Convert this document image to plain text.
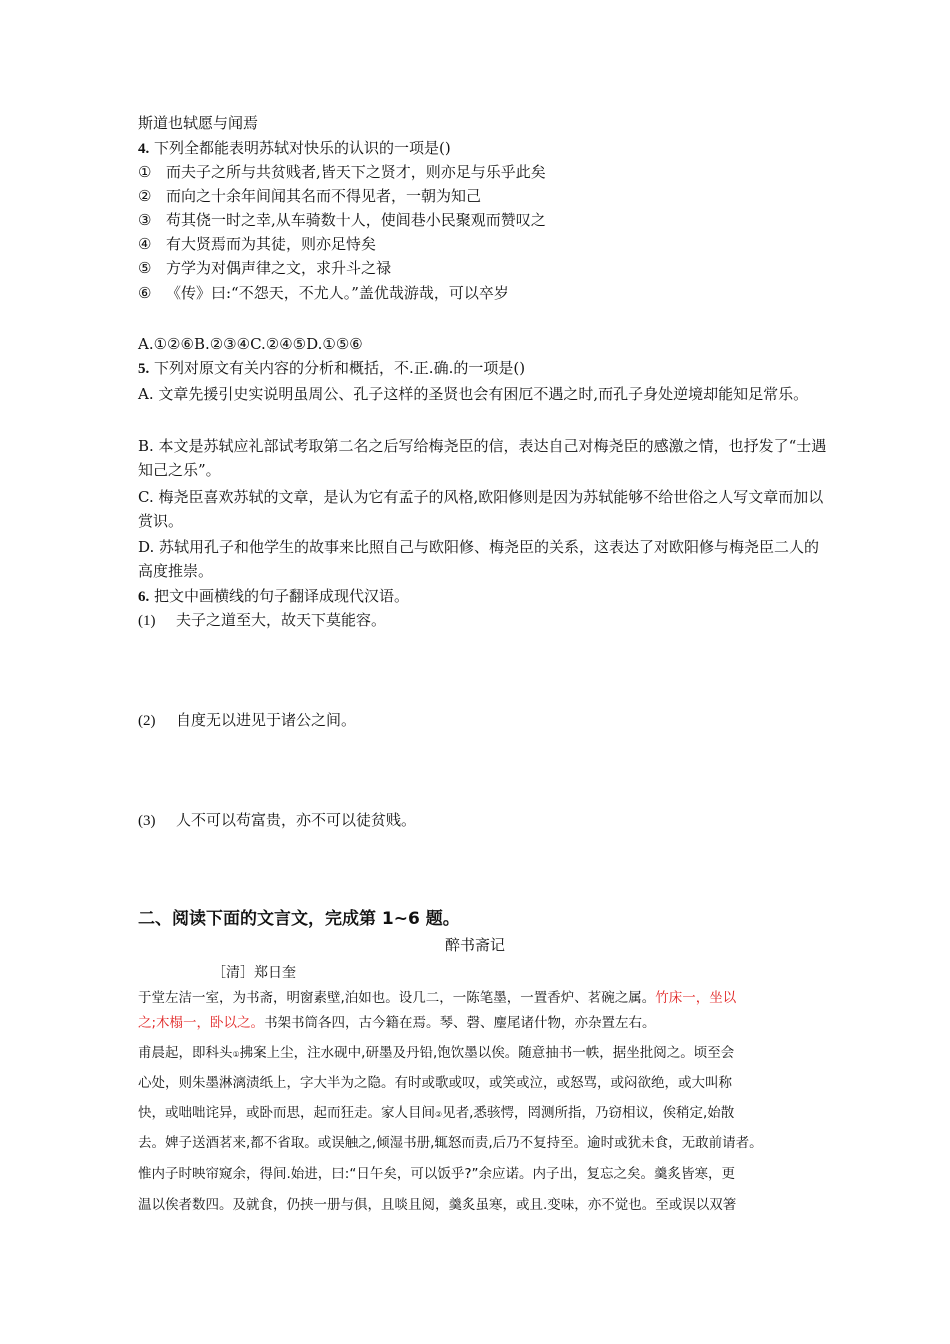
斯道也轼愿与闻焉
4. 下列全都能表明苏轼对快乐的认识的一项是()
① 而夫子之所与共贫贱者,皆天下之贤才，则亦足与乐乎此矣
② 而向之十余年间闻其名而不得见者，一朝为知己
③ 苟其侥一时之幸,从车骑数十人，使闾巷小民聚观而赞叹之
④ 有大贤焉而为其徒，则亦足恃矣
⑤ 方学为对偶声律之文，求升斗之禄
⑥ 《传》曰:“不怨天，不尤人。”盖优哉游哉，可以卒岁
A.①②⑥B.②③④C.②④⑤D.①⑤⑥
5. 下列对原文有关内容的分析和概括，不.正.确.的一项是()
A. 文章先援引史实说明虽周公、孔子这样的圣贤也会有困厄不遇之时,而孔子身处逆境却能知足常乐。
B. 本文是苏轼应礼部试考取第二名之后写给梅尧臣的信，表达自己对梅尧臣的感激之情，也抒发了“士遇知己之乐”。
C. 梅尧臣喜欢苏轼的文章，是认为它有孟子的风格,欧阳修则是因为苏轼能够不给世俗之人写文章而加以赏识。
D. 苏轼用孔子和他学生的故事来比照自己与欧阳修、梅尧臣的关系，这表达了对欧阳修与梅尧臣二人的高度推崇。
6. 把文中画横线的句子翻译成现代汉语。
(1) 夫子之道至大，故天下莫能容。
(2) 自度无以进见于诸公之间。
(3) 人不可以苟富贵，亦不可以徒贫贱。
二、阅读下面的文言文，完成第 1~6 题。
醉书斋记
［清］郑日奎
于堂左洁一室，为书斋，明窗素壁,泊如也。设几二，一陈笔墨，一置香炉、茗碗之属。竹床一，坐以
之;木榻一，卧以之。书架书筒各四，古今籍在焉。琴、磬、麈尾诸什物，亦杂置左右。
甫晨起，即科头①拂案上尘，注水砚中,研墨及丹铅,饱饮墨以俟。随意抽书一帙，据坐批阅之。顷至会
心处，则朱墨淋漓渍纸上，字大半为之隐。有时或歌或叹，或笑或泣，或怒骂，或闷欲绝，或大叫称
快，或咄咄诧异，或卧而思，起而狂走。家人目间②见者,悉骇愕，罔测所指，乃窃相议，俟稍定,始散
去。婢子送酒茗来,都不省取。或误触之,倾湿书册,辄怒而责,后乃不复持至。逾时或犹未食，无敢前请者。
惟内子时映帘窥余，得间.始进，曰:“日午矣，可以饭乎?”余应诺。内子出，复忘之矣。羹炙皆寒，更
温以俟者数四。及就食，仍挟一册与俱，且啖且阅，羹炙虽寒，或且.变味，亦不觉也。至或误以双箸
